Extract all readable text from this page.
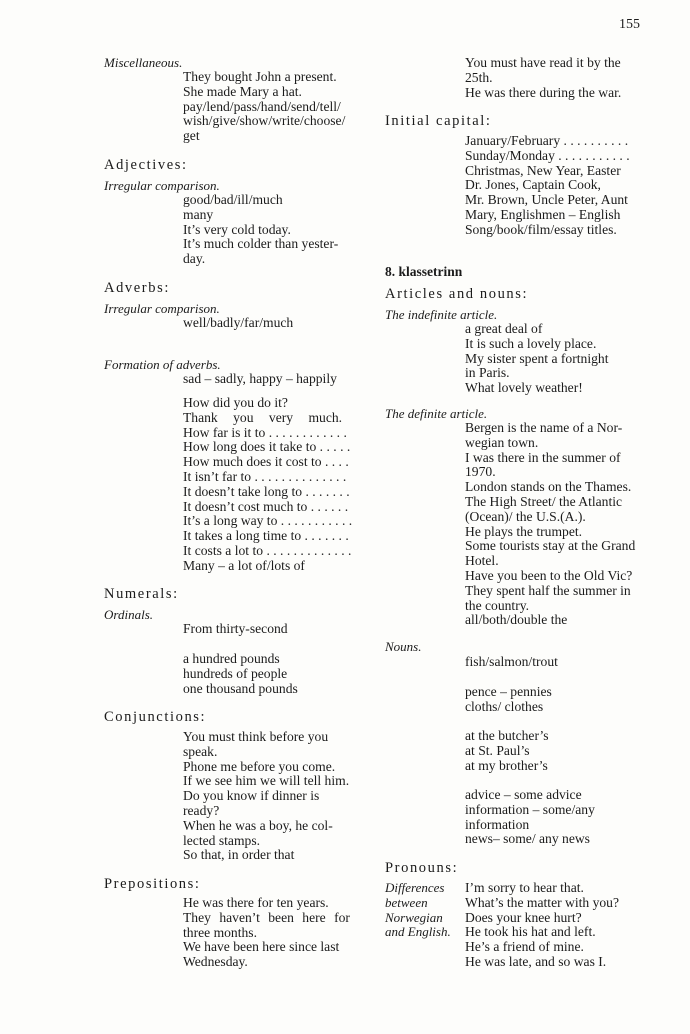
155
Miscellaneous.
They bought John a present.
She made Mary a hat.
pay/lend/pass/hand/send/tell/
wish/give/show/write/choose/
get
Adjectives:
Irregular comparison.
good/bad/ill/much
many
It’s very cold today.
It’s much colder than yester-
day.
Adverbs:
Irregular comparison.
well/badly/far/much
Formation of adverbs.
sad – sadly, happy – happily
How did you do it?
Thank you very much.
How far is it to . . . . . . . . . . . .
How long does it take to . . . . .
How much does it cost to . . . .
It isn’t far to . . . . . . . . . . . . . .
It doesn’t take long to . . . . . . .
It doesn’t cost much to . . . . . .
It’s a long way to . . . . . . . . . . .
It takes a long time to . . . . . . .
It costs a lot to . . . . . . . . . . . . .
Many – a lot of/lots of
Numerals:
Ordinals.
From thirty-second
a hundred pounds
hundreds of people
one thousand pounds
Conjunctions:
You must think before you
speak.
Phone me before you come.
If we see him we will tell him.
Do you know if dinner is
ready?
When he was a boy, he col-
lected stamps.
So that, in order that
Prepositions:
He was there for ten years.
They haven’t been here for
three months.
We have been here since last
Wednesday.
You must have read it by the
25th.
He was there during the war.
Initial capital:
January/February . . . . . . . . . .
Sunday/Monday . . . . . . . . . . .
Christmas, New Year, Easter
Dr. Jones, Captain Cook,
Mr. Brown, Uncle Peter, Aunt
Mary, Englishmen – English
Song/book/film/essay titles.
8. klassetrinn
Articles and nouns:
The indefinite article.
a great deal of
It is such a lovely place.
My sister spent a fortnight
in Paris.
What lovely weather!
The definite article.
Bergen is the name of a Nor-
wegian town.
I was there in the summer of
1970.
London stands on the Thames.
The High Street/ the Atlantic
(Ocean)/ the U.S.(A.).
He plays the trumpet.
Some tourists stay at the Grand
Hotel.
Have you been to the Old Vic?
They spent half the summer in
the country.
all/both/double the
Nouns.
fish/salmon/trout
pence – pennies
cloths/ clothes
at the butcher’s
at St. Paul’s
at my brother’s
advice – some advice
information – some/any
information
news– some/ any news
Pronouns:
Differences
between
Norwegian
and English.
I’m sorry to hear that.
What’s the matter with you?
Does your knee hurt?
He took his hat and left.
He’s a friend of mine.
He was late, and so was I.
